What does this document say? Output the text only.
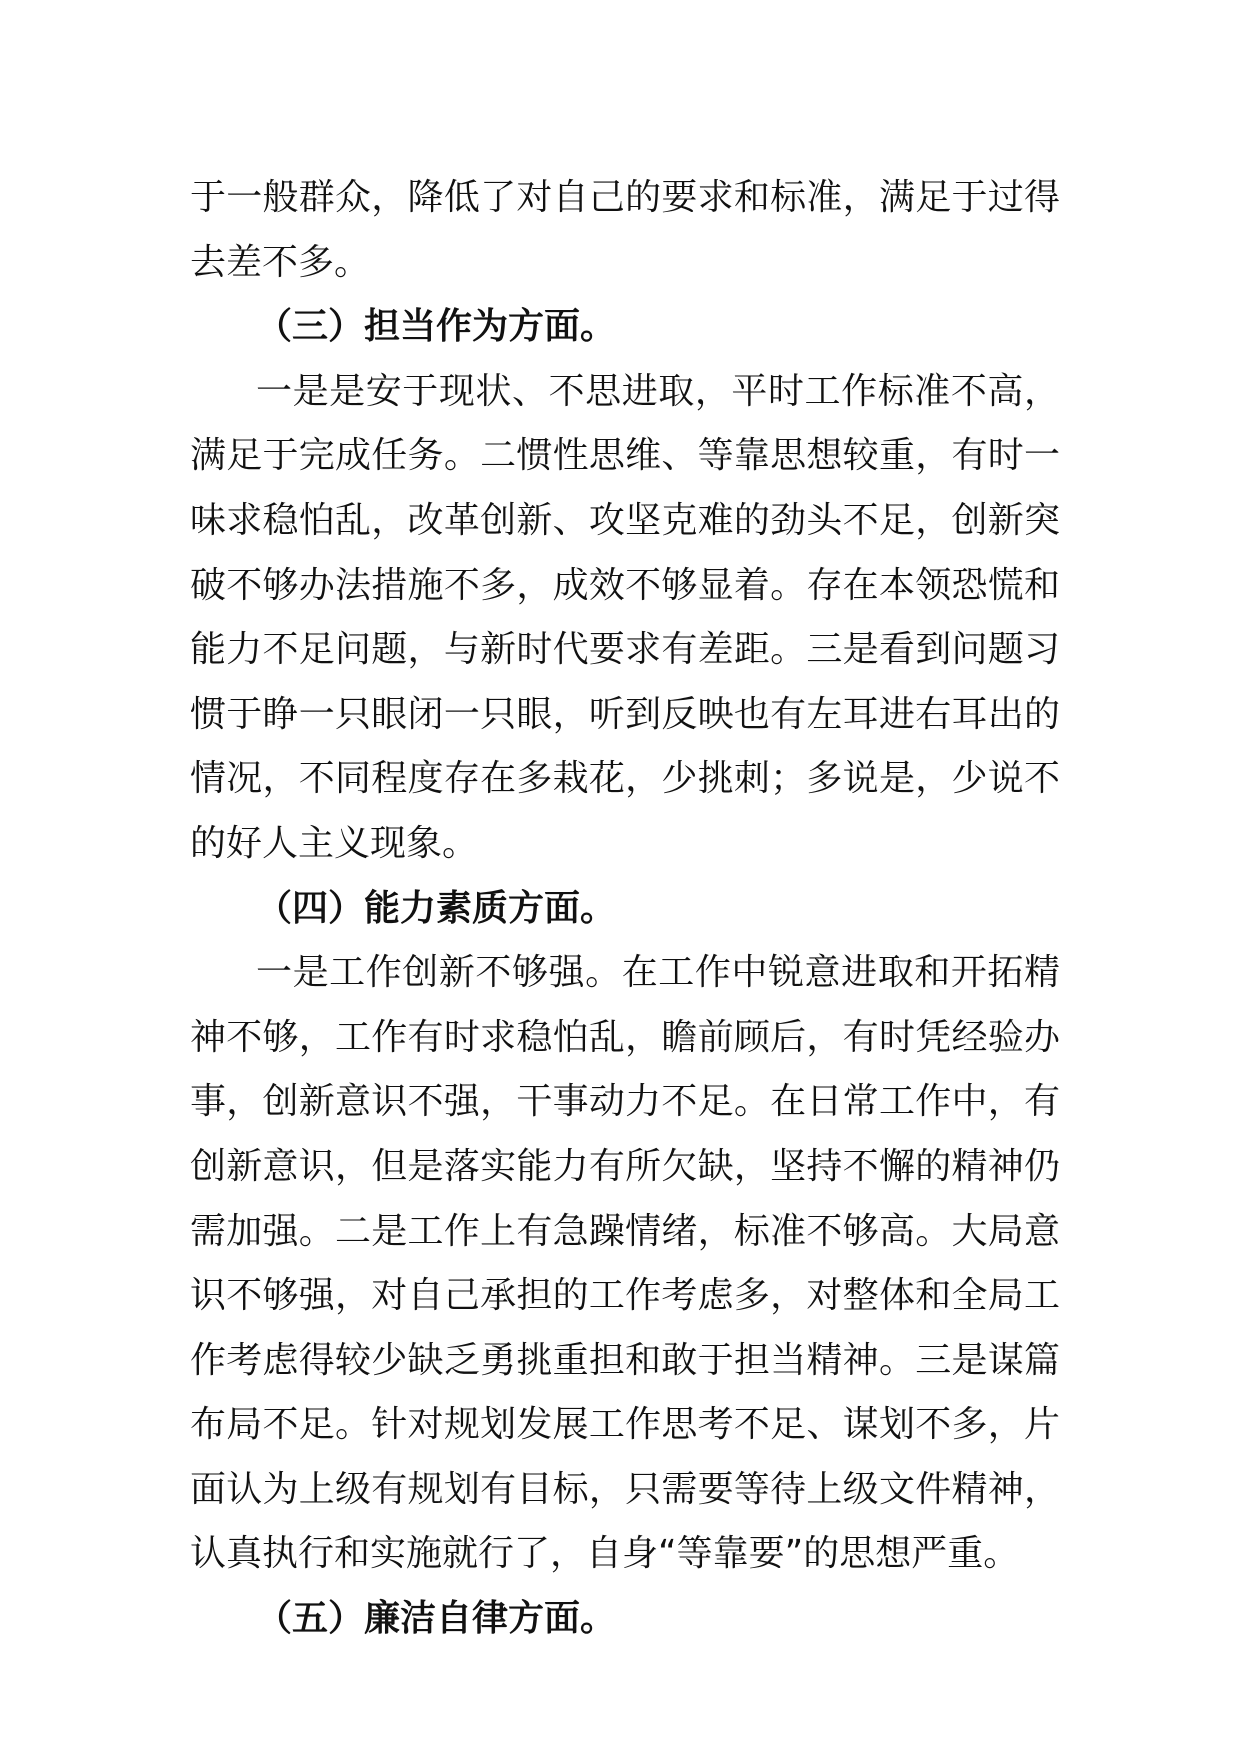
于一般群众，降低了对自己的要求和标准，满足于过得去差不多。

（三）担当作为方面。

一是是安于现状、不思进取，平时工作标准不高，满足于完成任务。二惯性思维、等靠思想较重，有时一味求稳怕乱，改革创新、攻坚克难的劲头不足，创新突破不够办法措施不多，成效不够显着。存在本领恐慌和能力不足问题，与新时代要求有差距。三是看到问题习惯于睁一只眼闭一只眼，听到反映也有左耳进右耳出的情况，不同程度存在多栽花，少挑刺；多说是，少说不的好人主义现象。

（四）能力素质方面。

一是工作创新不够强。在工作中锐意进取和开拓精神不够，工作有时求稳怕乱，瞻前顾后，有时凭经验办事，创新意识不强，干事动力不足。在日常工作中，有创新意识，但是落实能力有所欠缺，坚持不懈的精神仍需加强。二是工作上有急躁情绪，标准不够高。大局意识不够强，对自己承担的工作考虑多，对整体和全局工作考虑得较少缺乏勇挑重担和敢于担当精神。三是谋篇布局不足。针对规划发展工作思考不足、谋划不多，片面认为上级有规划有目标，只需要等待上级文件精神，认真执行和实施就行了，自身“等靠要”的思想严重。

（五）廉洁自律方面。
